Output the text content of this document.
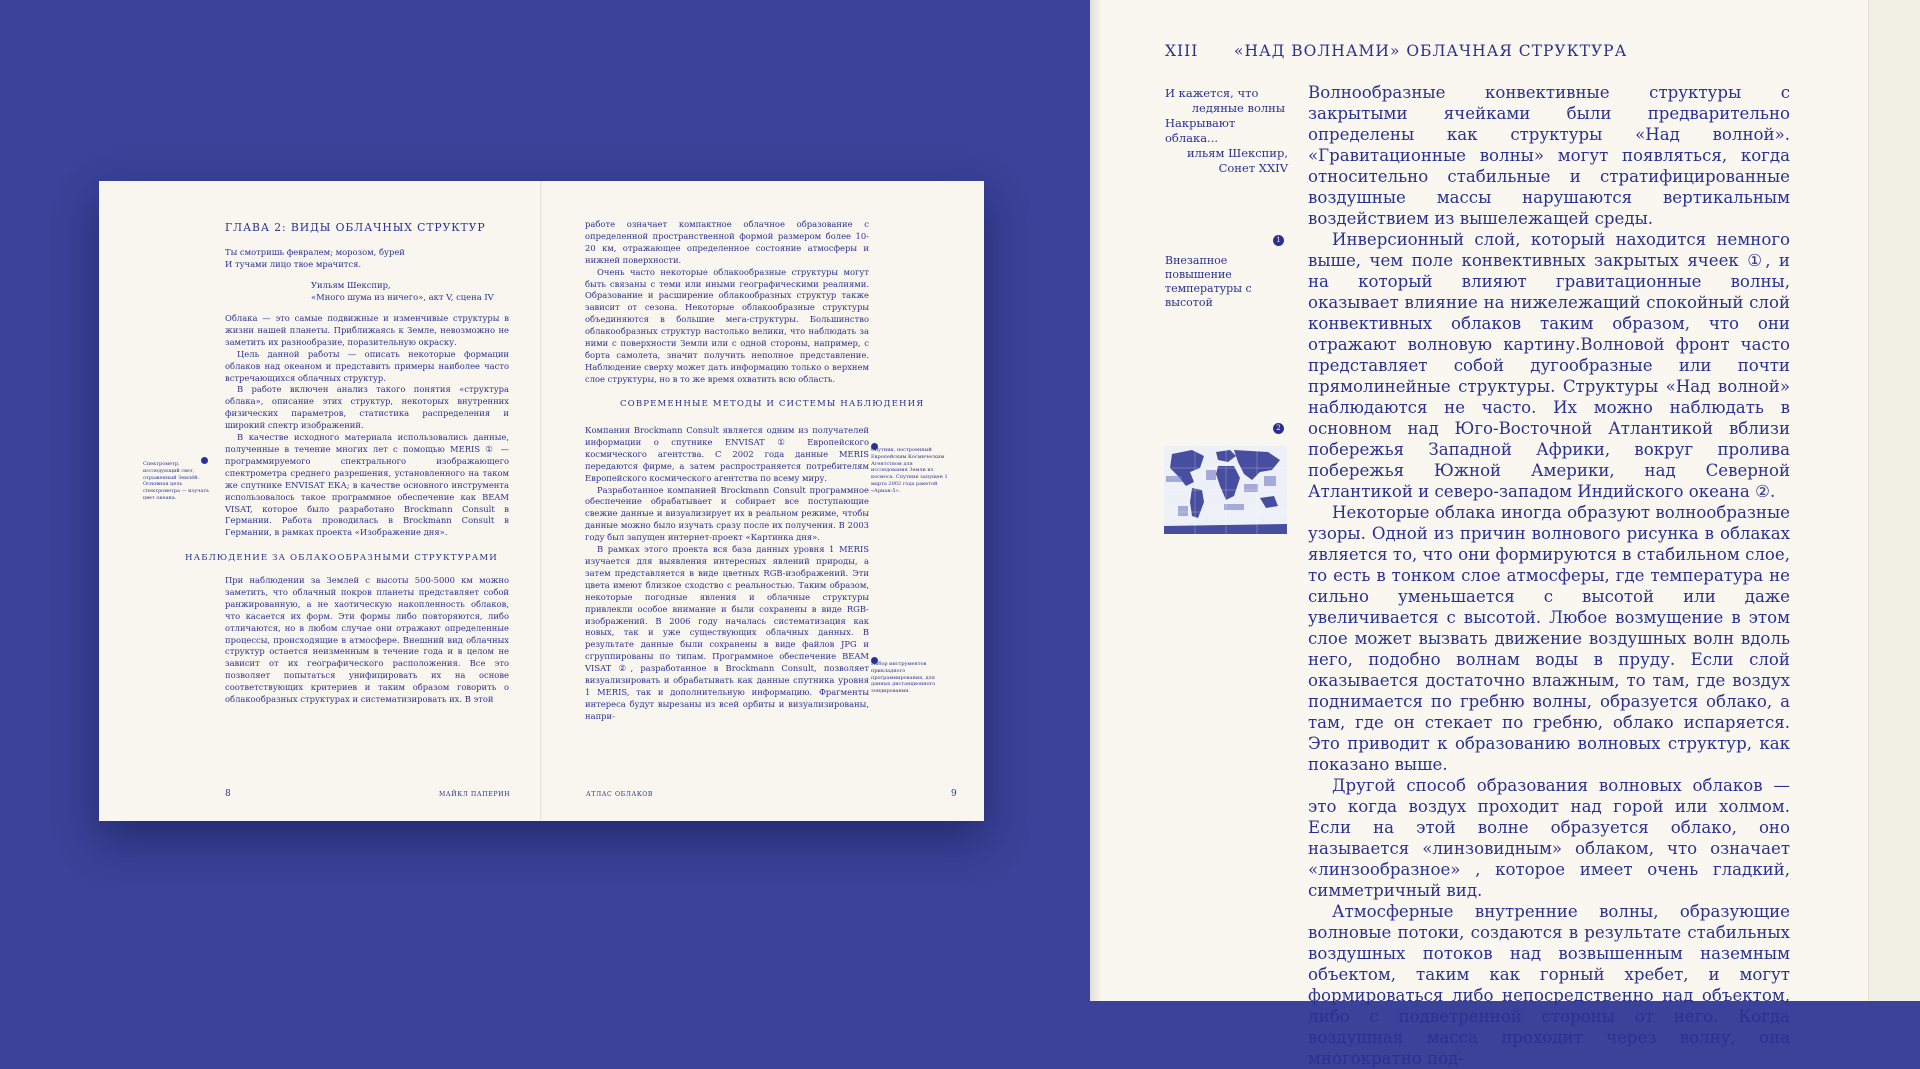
ГЛАВА 2: ВИДЫ ОБЛАЧНЫХ СТРУКТУР
Ты смотришь февралем; морозом, бурей
И тучами лицо твое мрачится.
Уильям Шекспир,
«Много шума из ничего», акт V, сцена IV

Облака — это самые подвижные и изменчивые структуры в жизни нашей планеты. Приближаясь к Земле, невозможно не заметить их разнообразие, поразительную окраску.

Цель данной работы — описать некоторые формации облаков над океаном и представить примеры наиболее часто встречающихся облачных структур.

В работе включен анализ такого понятия «структура облака», описание этих структур, некоторых внутренних физических параметров, статистика распределения и широкий спектр изображений.

В качестве исходного материала использовались данные, полученные в течение многих лет с помощью MERIS ① — программируемого спектрального изображающего спектрометра среднего разрешения, установленного на таком же спутнике ENVISAT ЕКА; в качестве основного инструмента использовалось такое программное обеспечение как BEAM VISAT, которое было разработано Brockmann Consult в Германии. Работа проводилась в Brockmann Consult в Германии, в рамках проекта «Изображение дня».

Спектрометр, исследующий свет, отраженный Землёй. Основная цель спектрометра — изучать цвет океана.
НАБЛЮДЕНИЕ ЗА ОБЛАКООБРАЗНЫМИ СТРУКТУРАМИ

При наблюдении за Землей с высоты 500-5000 км можно заметить, что облачный покров планеты представляет собой ранжированную, а не хаотическую накопленность облаков, что касается их форм. Эти формы либо повторяются, либо отличаются, но в любом случае они отражают определенные процессы, происходящие в атмосфере. Внешний вид облачных структур остается неизменным в течение года и в целом не зависит от их географического расположения. Все это позволяет попытаться унифицировать их на основе соответствующих критериев и таким образом говорить о облакообразных структурах и систематизировать их. В этой

8	МАЙКЛ ПАПЕРИН

работе означает компактное облачное образование с определенной пространственной формой размером более 10-20 км, отражающее определенное состояние атмосферы и нижней поверхности.

Очень часто некоторые облакообразные структуры могут быть связаны с теми или иными географическими реалиями. Образование и расширение облакообразных структур также зависит от сезона. Некоторые облакообразные структуры объединяются в большие мега-структуры. Большинство облакообразных структур настолько велики, что наблюдать за ними с поверхности Земли или с одной стороны, например, с борта самолета, значит получить неполное представление. Наблюдение сверху может дать информацию только о верхнем слое структуры, но в то же время охватить всю область.

СОВРЕМЕННЫЕ МЕТОДЫ И СИСТЕМЫ НАБЛЮДЕНИЯ

Компания Brockmann Consult является одним из получателей информации о спутнике ENVISAT ① Европейского космического агентства. С 2002 года данные MERIS передаются фирме, а затем распространяется потребителям Европейского космического агентства по всему миру.

Разработанное компанией Brockmann Consult программное обеспечение обрабатывает и собирает все поступающие свежие данные и визуализирует их в реальном режиме, чтобы данные можно было изучать сразу после их получения. В 2003 году был запущен интернет-проект «Картинка дня».

В рамках этого проекта вся база данных уровня 1 MERIS изучается для выявления интересных явлений природы, а затем представляется в виде цветных RGB-изображений. Эти цвета имеют близкое сходство с реальностью. Таким образом, некоторые погодные явления и облачные структуры привлекли особое внимание и были сохранены в виде RGB-изображений. В 2006 году началась систематизация как новых, так и уже существующих облачных данных. В результате данные были сохранены в виде файлов JPG и сгруппированы по типам. Программное обеспечение BEAM VISAT ②, разработанное в Brockmann Consult, позволяет визуализировать и обрабатывать как данные спутника уровня 1 MERIS, так и дополнительную информацию. Фрагменты интереса будут вырезаны из всей орбиты и визуализированы, напри-

Спутник, построенный Европейским Космическим Агентством для исследования Земли из космоса. Спутник запущен 1 марта 2002 года ракетой «Ариан-5».
Набор инструментов прикладного программирования, для данных дистанционного зондирования.
АТЛАС ОБЛАКОВ	9
XIII «НАД ВОЛНАМИ» ОБЛАЧНАЯ СТРУКТУРА
И кажется, что
ледяные волны
Накрывают облака...
ильям Шекспир,
Сонет XXIV
1
Внезапное повышение температуры с высотой
2

Волнообразные конвективные структуры с закрытыми ячейками были предварительно определены как структуры «Над волной». «Гравитационные волны» могут появляться, когда относительно стабильные и стратифицированные воздушные массы нарушаются вертикальным воздействием из вышележащей среды.

Инверсионный слой, который находится немного выше, чем поле конвективных закрытых ячеек ①, и на который влияют гравитационные волны, оказывает влияние на нижележащий спокойный слой конвективных облаков таким образом, что они отражают волновую картину.Волновой фронт часто представляет собой дугообразные или почти прямолинейные структуры. Структуры «Над волной» наблюдаются не часто. Их можно наблюдать в основном над Юго-Восточной Атлантикой вблизи побережья Западной Африки, вокруг пролива побережья Южной Америки, над Северной Атлантикой и северо-западом Индийского океана ②.

Некоторые облака иногда образуют волнообразные узоры. Одной из причин волнового рисунка в облаках является то, что они формируются в стабильном слое, то есть в тонком слое атмосферы, где температура не сильно уменьшается с высотой или даже увеличивается с высотой. Любое возмущение в этом слое может вызвать движение воздушных волн вдоль него, подобно волнам воды в пруду. Если слой оказывается достаточно влажным, то там, где воздух поднимается по гребню волны, образуется облако, а там, где он стекает по гребню, облако испаряется. Это приводит к образованию волновых структур, как показано выше.

Другой способ образования волновых облаков — это когда воздух проходит над горой или холмом. Если на этой волне образуется облако, оно называется «линзовидным» облаком, что означает «линзообразное» , которое имеет очень гладкий, симметричный вид.

Атмосферные внутренние волны, образующие волновые потоки, создаются в результате стабильных воздушных потоков над возвышенным наземным объектом, таким как горный хребет, и могут формироваться либо непосредственно над объектом, либо с подветренной стороны от него. Когда воздушная масса проходит через волну, она многократно под-
